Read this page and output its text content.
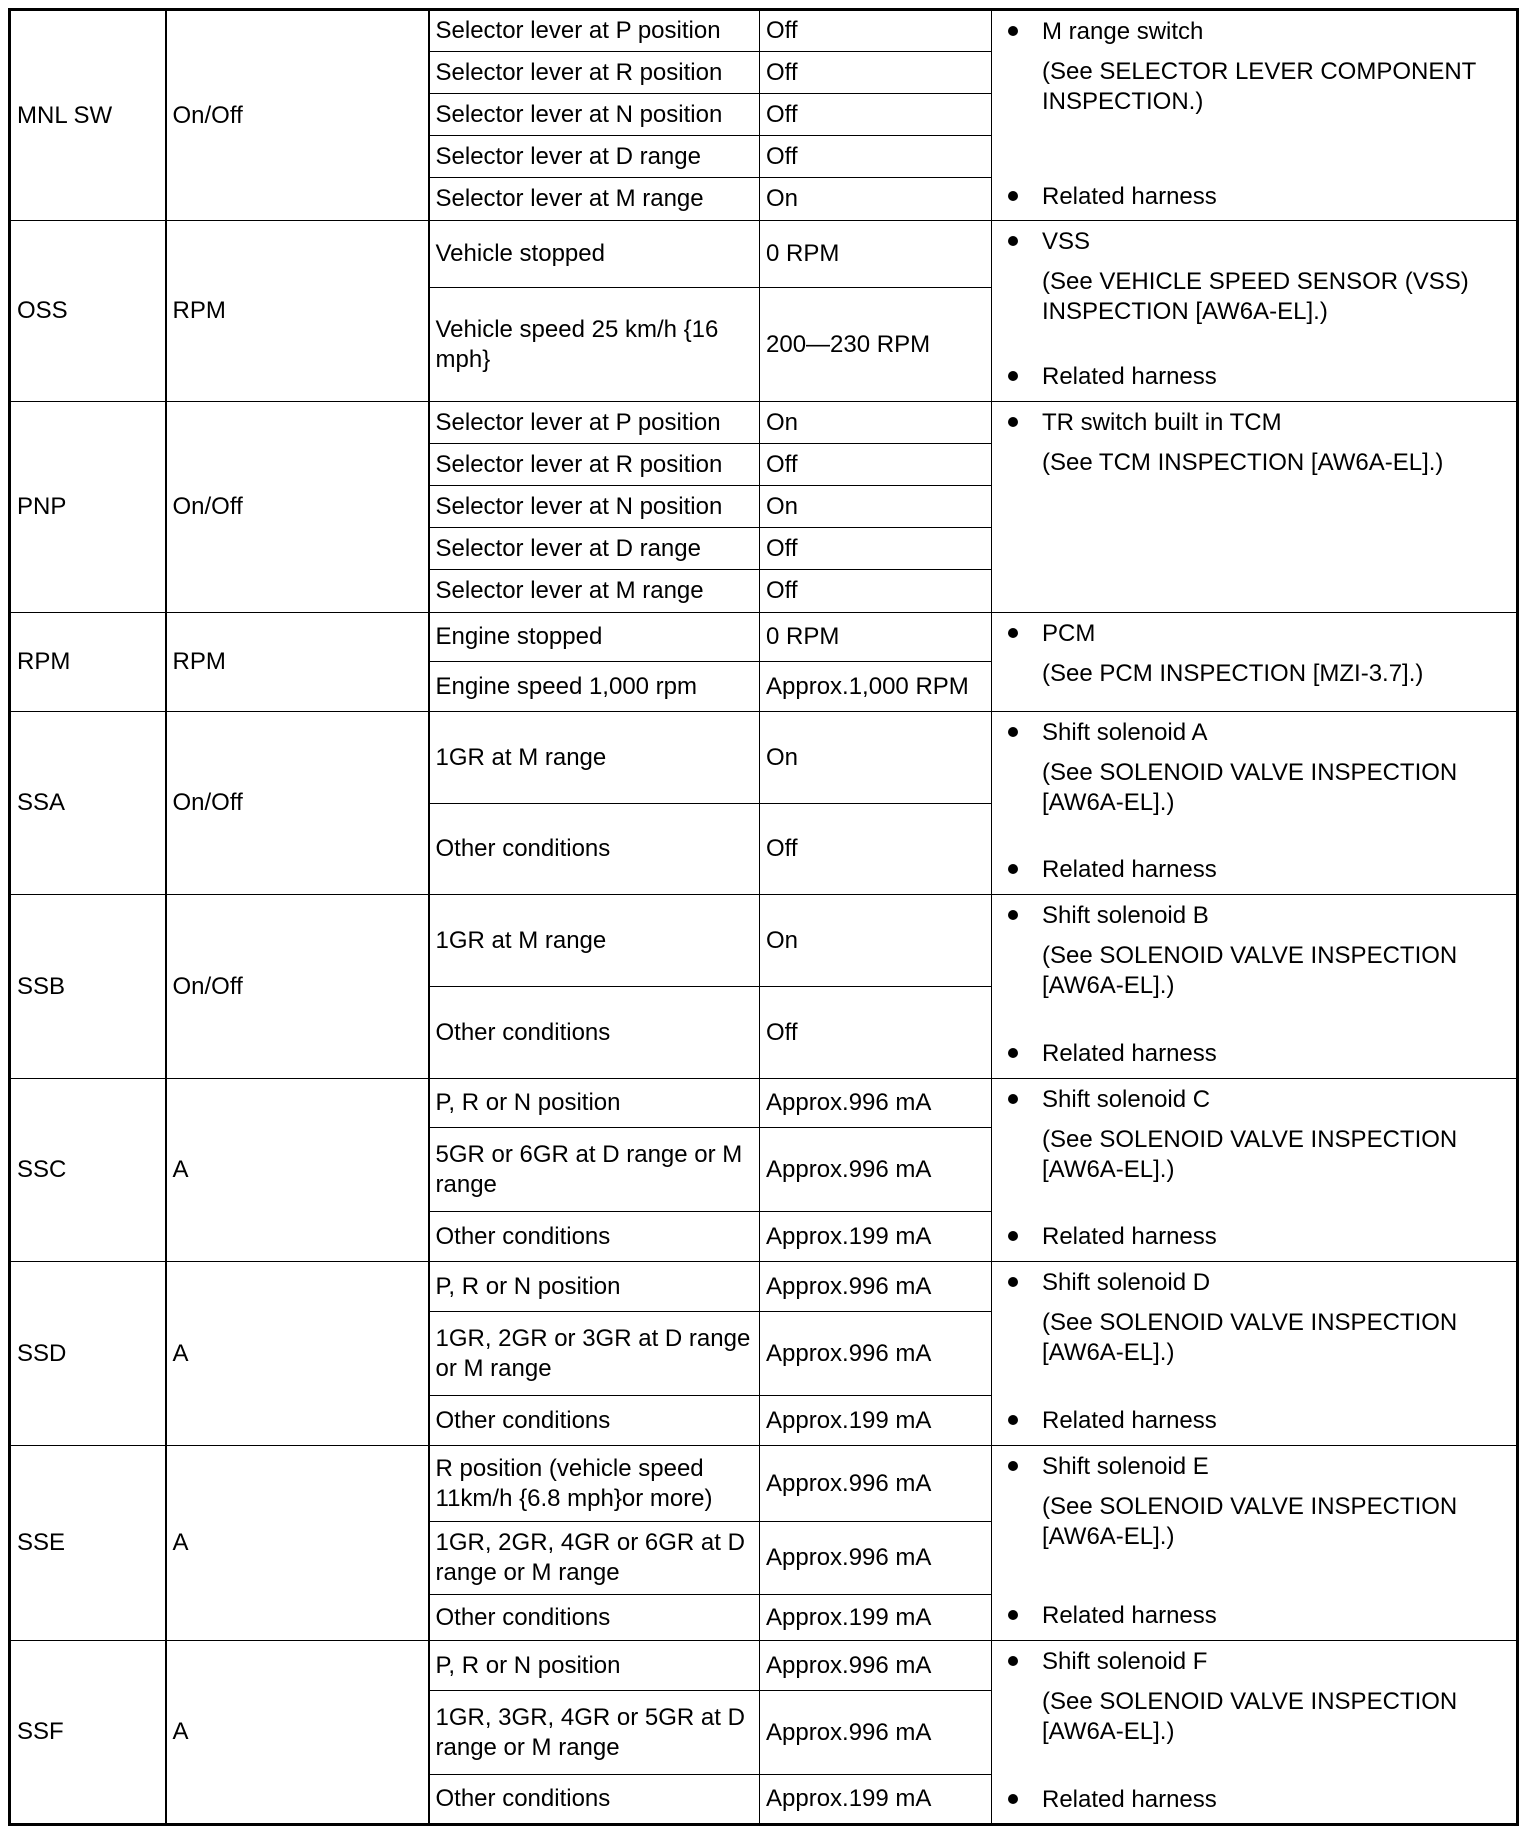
MNL SW	On/Off	Selector lever at P position	Off	M range switch
(See SELECTOR LEVER COMPONENT INSPECTION.)
Related harness

		Selector lever at R position	Off	
		Selector lever at N position	Off	
		Selector lever at D range	Off	
		Selector lever at M range	On	
OSS	RPM	Vehicle stopped	0 RPM	VSS
(See VEHICLE SPEED SENSOR (VSS) INSPECTION [AW6A-EL].)
Related harness

		Vehicle speed 25 km/h {16 mph}	200—230 RPM	
PNP	On/Off	Selector lever at P position	On	TR switch built in TCM
(See TCM INSPECTION [AW6A-EL].)

		Selector lever at R position	Off	
		Selector lever at N position	On	
		Selector lever at D range	Off	
		Selector lever at M range	Off	
RPM	RPM	Engine stopped	0 RPM	PCM
(See PCM INSPECTION [MZI-3.7].)

		Engine speed 1,000 rpm	Approx.1,000 RPM	
SSA	On/Off	1GR at M range	On	Shift solenoid A
(See SOLENOID VALVE INSPECTION [AW6A-EL].)
Related harness

		Other conditions	Off	
SSB	On/Off	1GR at M range	On	Shift solenoid B
(See SOLENOID VALVE INSPECTION [AW6A-EL].)
Related harness

		Other conditions	Off	
SSC	A	P, R or N position	Approx.996 mA	Shift solenoid C
(See SOLENOID VALVE INSPECTION [AW6A-EL].)
Related harness

		5GR or 6GR at D range or M range	Approx.996 mA	
		Other conditions	Approx.199 mA	
SSD	A	P, R or N position	Approx.996 mA	Shift solenoid D
(See SOLENOID VALVE INSPECTION [AW6A-EL].)
Related harness

		1GR, 2GR or 3GR at D range or M range	Approx.996 mA	
		Other conditions	Approx.199 mA	
SSE	A	R position (vehicle speed 11km/h {6.8 mph}or more)	Approx.996 mA	Shift solenoid E
(See SOLENOID VALVE INSPECTION [AW6A-EL].)
Related harness

		1GR, 2GR, 4GR or 6GR at D range or M range	Approx.996 mA	
		Other conditions	Approx.199 mA	
SSF	A	P, R or N position	Approx.996 mA	Shift solenoid F
(See SOLENOID VALVE INSPECTION [AW6A-EL].)
Related harness

		1GR, 3GR, 4GR or 5GR at D range or M range	Approx.996 mA	
		Other conditions	Approx.199 mA	
